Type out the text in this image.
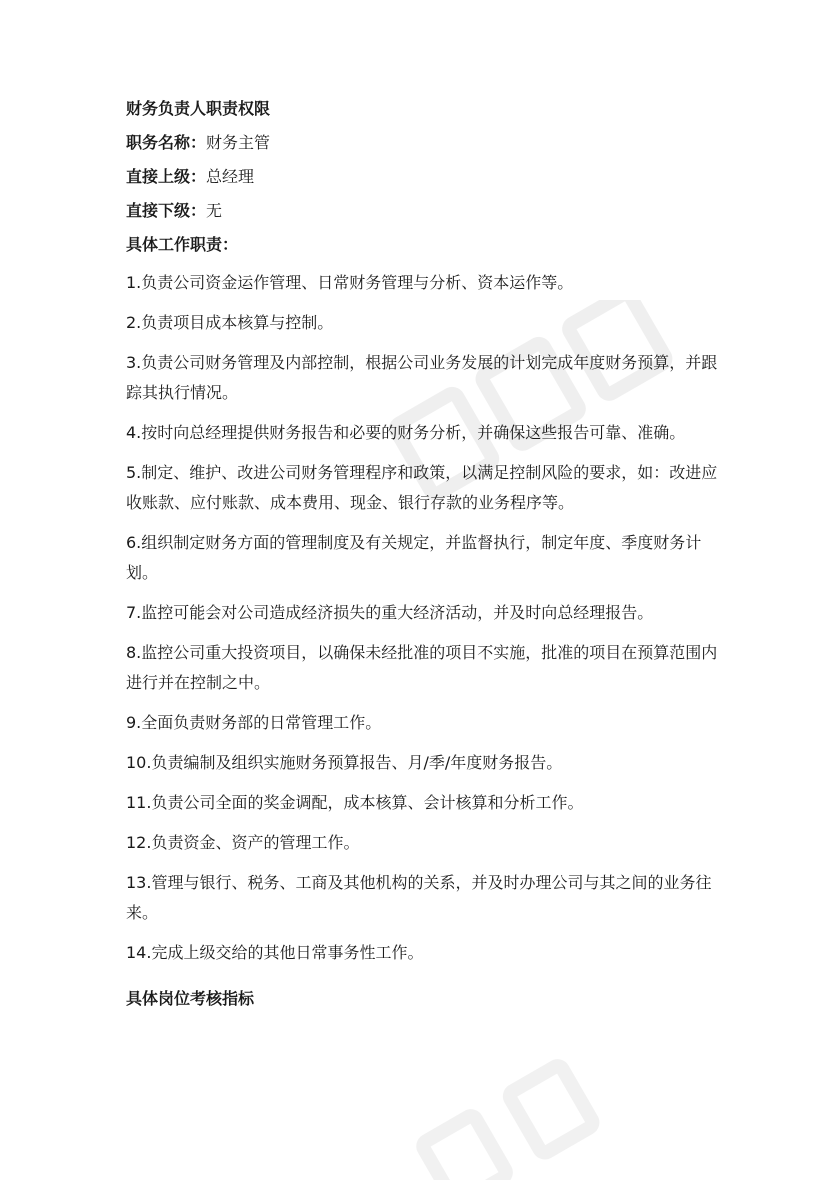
财务负责人职责权限
职务名称：财务主管
直接上级：总经理
直接下级：无
具体工作职责：
1.负责公司资金运作管理、日常财务管理与分析、资本运作等。
2.负责项目成本核算与控制。
3.负责公司财务管理及内部控制，根据公司业务发展的计划完成年度财务预算，并跟踪其执行情况。
4.按时向总经理提供财务报告和必要的财务分析，并确保这些报告可靠、准确。
5.制定、维护、改进公司财务管理程序和政策，以满足控制风险的要求，如：改进应收账款、应付账款、成本费用、现金、银行存款的业务程序等。
6.组织制定财务方面的管理制度及有关规定，并监督执行，制定年度、季度财务计划。
7.监控可能会对公司造成经济损失的重大经济活动，并及时向总经理报告。
8.监控公司重大投资项目，以确保未经批准的项目不实施，批准的项目在预算范围内进行并在控制之中。
9.全面负责财务部的日常管理工作。
10.负责编制及组织实施财务预算报告、月/季/年度财务报告。
11.负责公司全面的奖金调配，成本核算、会计核算和分析工作。
12.负责资金、资产的管理工作。
13.管理与银行、税务、工商及其他机构的关系，并及时办理公司与其之间的业务往来。
14.完成上级交给的其他日常事务性工作。
具体岗位考核指标
